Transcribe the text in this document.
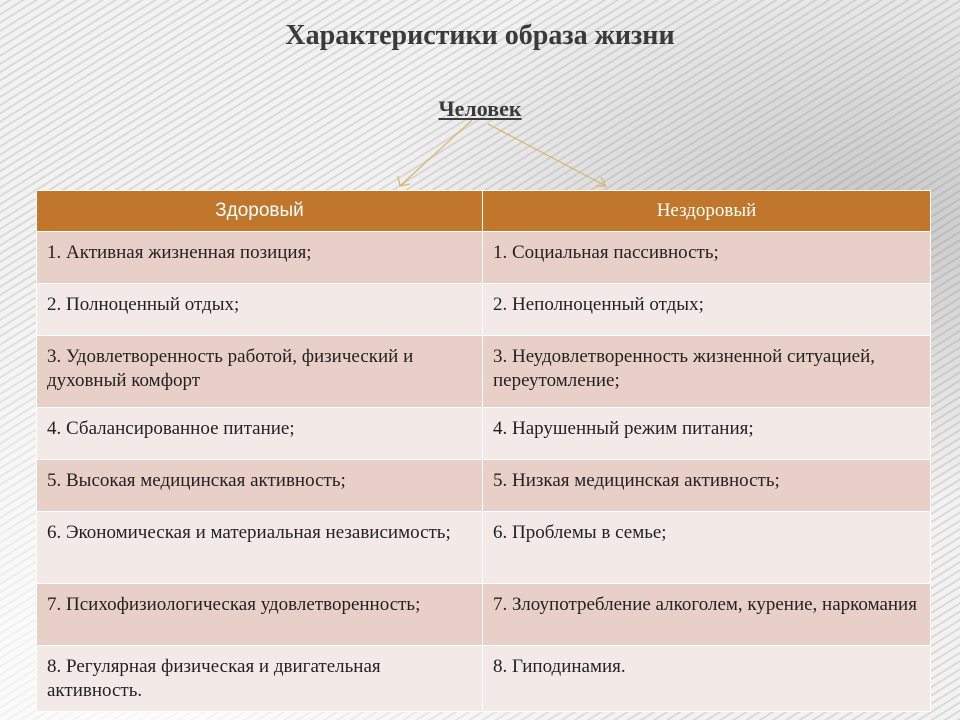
Характеристики образа жизни
Человек
Здоровый	Нездоровый
1. Активная жизненная позиция;	1. Социальная пассивность;
2. Полноценный отдых;	2. Неполноценный отдых;
3. Удовлетворенность работой, физический и духовный комфорт	3. Неудовлетворенность жизненной ситуацией, переутомление;
4. Сбалансированное питание;	4. Нарушенный режим питания;
5. Высокая медицинская активность;	5. Низкая медицинская активность;
6. Экономическая и материальная независимость;	6. Проблемы в семье;
7. Психофизиологическая удовлетворенность;	7. Злоупотребление алкоголем, курение, наркомания
8. Регулярная физическая и двигательная активность.	8. Гиподинамия.
